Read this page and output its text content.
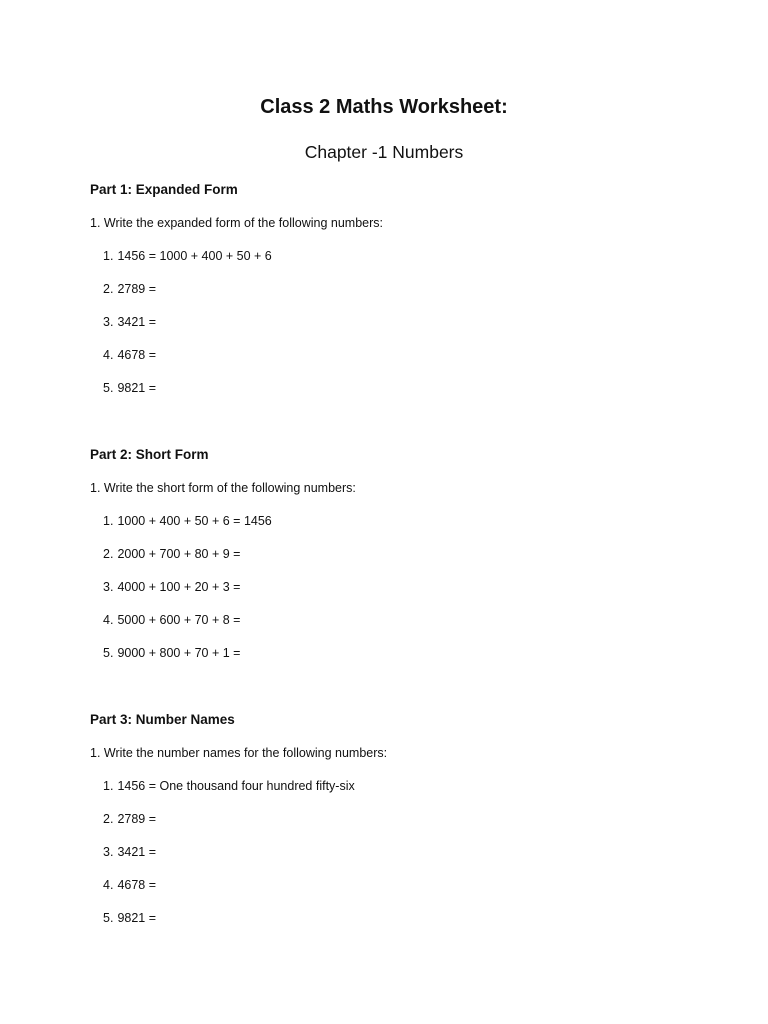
Class 2 Maths Worksheet:
Chapter -1 Numbers
Part 1: Expanded Form
1. Write the expanded form of the following numbers:
1. 1456 = 1000 + 400 + 50 + 6
2. 2789 =
3. 3421 =
4. 4678 =
5. 9821 =
Part 2: Short Form
1. Write the short form of the following numbers:
1. 1000 + 400 + 50 + 6 = 1456
2. 2000 + 700 + 80 + 9 =
3. 4000 + 100 + 20 + 3 =
4. 5000 + 600 + 70 + 8 =
5. 9000 + 800 + 70 + 1 =
Part 3: Number Names
1. Write the number names for the following numbers:
1. 1456 = One thousand four hundred fifty-six
2. 2789 =
3. 3421 =
4. 4678 =
5. 9821 =
